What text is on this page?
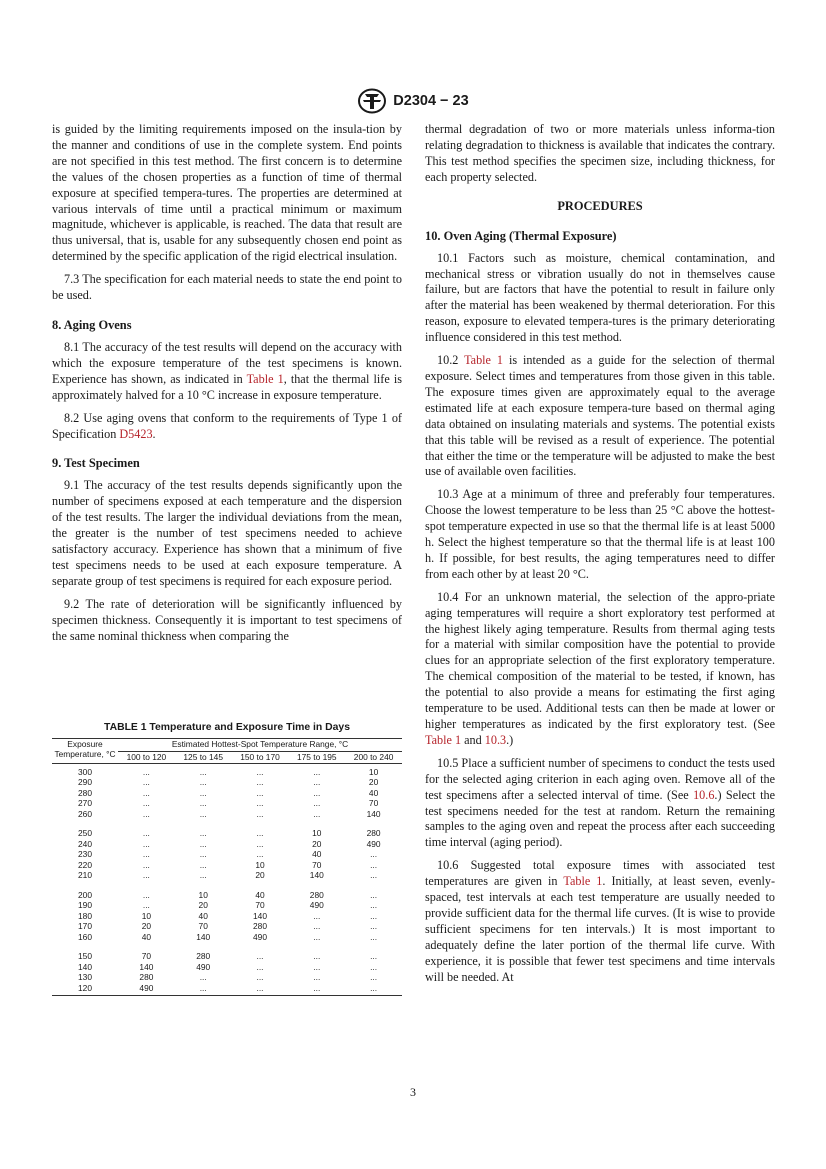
D2304 − 23

is guided by the limiting requirements imposed on the insula-tion by the manner and conditions of use in the complete system. End points are not specified in this test method. The first concern is to determine the values of the chosen properties as a function of time of thermal exposure at specified tempera-tures. The properties are determined at various intervals of time until a practical minimum or maximum magnitude, whichever is applicable, is reached. The data that result are thus universal, that is, usable for any subsequently chosen end point as determined by the specific application of the rigid electrical insulation.

7.3 The specification for each material needs to state the end point to be used.

8. Aging Ovens

8.1 The accuracy of the test results will depend on the accuracy with which the exposure temperature of the test specimens is known. Experience has shown, as indicated in Table 1, that the thermal life is approximately halved for a 10 °C increase in exposure temperature.

8.2 Use aging ovens that conform to the requirements of Type 1 of Specification D5423.

9. Test Specimen

9.1 The accuracy of the test results depends significantly upon the number of specimens exposed at each temperature and the dispersion of the test results. The larger the individual deviations from the mean, the greater is the number of test specimens needed to achieve satisfactory accuracy. Experience has shown that a minimum of five test specimens needs to be used at each exposure temperature. A separate group of test specimens is required for each exposure period.

9.2 The rate of deterioration will be significantly influenced by specimen thickness. Consequently it is important to test specimens of the same nominal thickness when comparing the

TABLE 1 Temperature and Exposure Time in Days
Exposure Temperature, °C	Estimated Hottest-Spot Temperature Range, °C				
	100 to 120	125 to 145	150 to 170	175 to 195	200 to 240
300	...	...	...	...	10
290	...	...	...	...	20
280	...	...	...	...	40
270	...	...	...	...	70
260	...	...	...	...	140
250	...	...	...	10	280
240	...	...	...	20	490
230	...	...	...	40	...
220	...	...	10	70	...
210	...	...	20	140	...
200	...	10	40	280	...
190	...	20	70	490	...
180	10	40	140	...	...
170	20	70	280	...	...
160	40	140	490	...	...
150	70	280	...	...	...
140	140	490	...	...	...
130	280	...	...	...	...
120	490	...	...	...	...

thermal degradation of two or more materials unless informa-tion relating degradation to thickness is available that indicates the contrary. This test method specifies the specimen size, including thickness, for each property selected.

PROCEDURES
10. Oven Aging (Thermal Exposure)

10.1 Factors such as moisture, chemical contamination, and mechanical stress or vibration usually do not in themselves cause failure, but are factors that have the potential to result in failure only after the material has been weakened by thermal deterioration. For this reason, exposure to elevated tempera-tures is the primary deteriorating influence considered in this test method.

10.2 Table 1 is intended as a guide for the selection of thermal exposure. Select times and temperatures from those given in this table. The exposure times given are approximately equal to the average estimated life at each exposure tempera-ture based on thermal aging data obtained on insulating materials and systems. The potential exists that this table will be revised as a result of experience. The potential that either the time or the temperature will be adjusted to make the best use of available oven facilities.

10.3 Age at a minimum of three and preferably four temperatures. Choose the lowest temperature to be less than 25 °C above the hottest-spot temperature expected in use so that the thermal life is at least 5000 h. Select the highest temperature so that the thermal life is at least 100 h. If possible, for best results, the aging temperatures need to differ from each other by at least 20 °C.

10.4 For an unknown material, the selection of the appro-priate aging temperatures will require a short exploratory test performed at the highest likely aging temperature. Results from thermal aging tests for a material with similar composition have the potential to provide clues for an appropriate selection of the first exploratory temperature. The chemical composition of the material to be tested, if known, has the potential to also provide a means for estimating the first aging temperature to be used. Additional tests can then be made at lower or higher temperatures as indicated by the first exploratory test. (See Table 1 and 10.3.)

10.5 Place a sufficient number of specimens to conduct the tests used for the selected aging criterion in each aging oven. Remove all of the test specimens after a selected interval of time. (See 10.6.) Select the test specimens needed for the test at random. Return the remaining samples to the aging oven and repeat the process after each succeeding time interval (aging period).

10.6 Suggested total exposure times with associated test temperatures are given in Table 1. Initially, at least seven, evenly-spaced, test intervals at each test temperature are usually needed to provide sufficient data for the thermal life curves. (It is wise to provide sufficient specimens for ten intervals.) It is most important to adequately define the later portion of the thermal life curve. With experience, it is possible that fewer test specimens and time intervals will be needed. At

3
